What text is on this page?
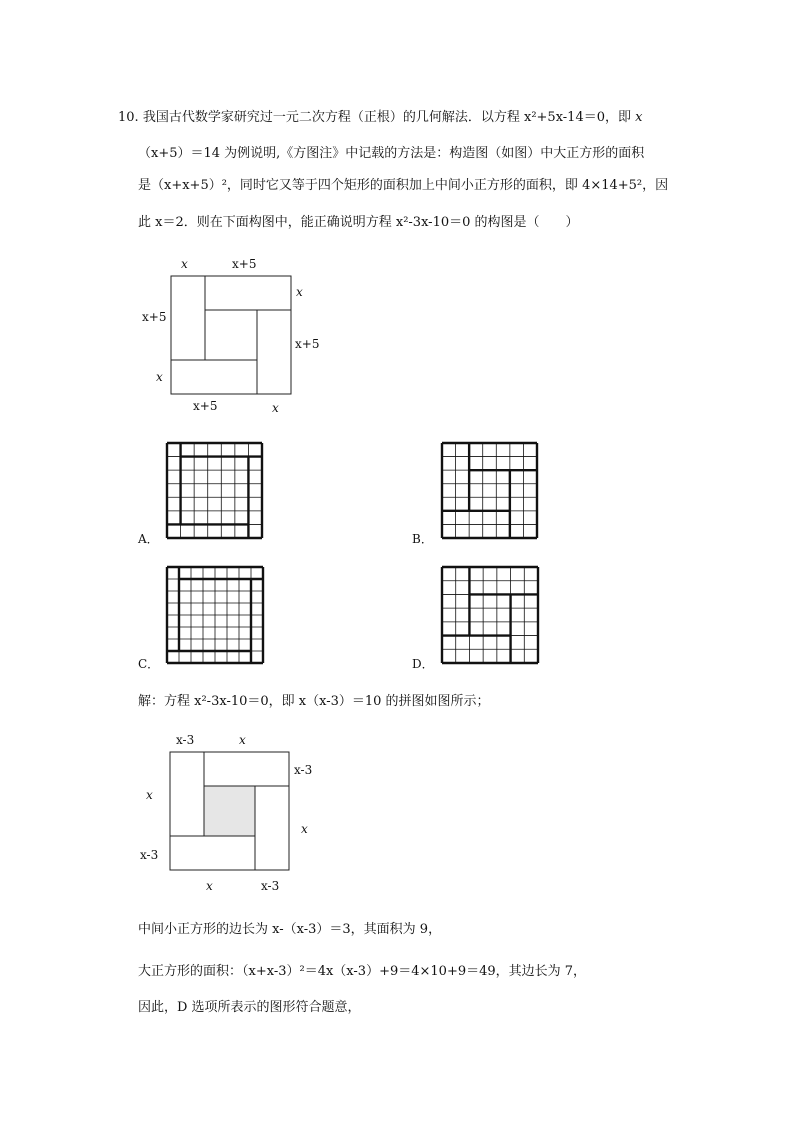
10. 我国古代数学家研究过一元二次方程（正根）的几何解法．以方程 x²+5x-14＝0，即 x
（x+5）＝14 为例说明,《方图注》中记载的方法是：构造图（如图）中大正方形的面积
是（x+x+5）²，同时它又等于四个矩形的面积加上中间小正方形的面积，即 4×14+5²，因
此 x＝2．则在下面构图中，能正确说明方程 x²-3x-10＝0 的构图是（　　）
x	x+5
x
x+5
x+5
x
x+5	x
A．	B．
C．	D．
解：方程 x²-3x-10＝0，即 x（x-3）＝10 的拼图如图所示；
x-3	x
x-3
x
x
x-3
x	x-3
中间小正方形的边长为 x-（x-3）＝3，其面积为 9，
大正方形的面积：（x+x-3）²＝4x（x-3）+9＝4×10+9＝49，其边长为 7，
因此，D 选项所表示的图形符合题意，
